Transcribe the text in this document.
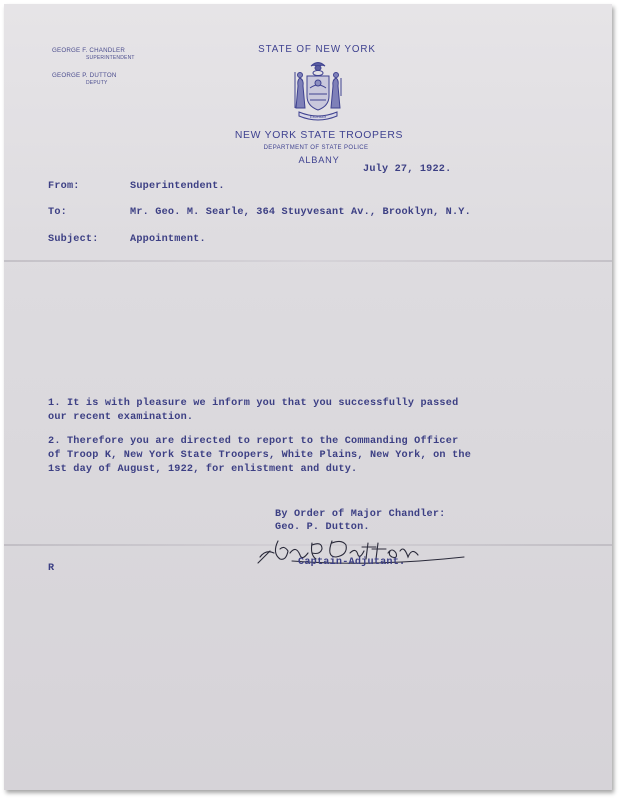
GEORGE F. CHANDLER
SUPERINTENDENT
GEORGE P. DUTTON
DEPUTY
STATE OF NEW YORK
Excelsior
NEW YORK STATE TROOPERS
DEPARTMENT OF STATE POLICE
ALBANY
July 27, 1922.
From:	Superintendent.
To:	Mr. Geo. M. Searle, 364 Stuyvesant Av., Brooklyn, N.Y.
Subject:	Appointment.
1. It is with pleasure we inform you that you successfully passed
our recent examination.
2. Therefore you are directed to report to the Commanding Officer
of Troop K, New York State Troopers, White Plains, New York, on the
1st day of August, 1922, for enlistment and duty.
By Order of Major Chandler:
Geo. P. Dutton.
Captain-Adjutant.
R
